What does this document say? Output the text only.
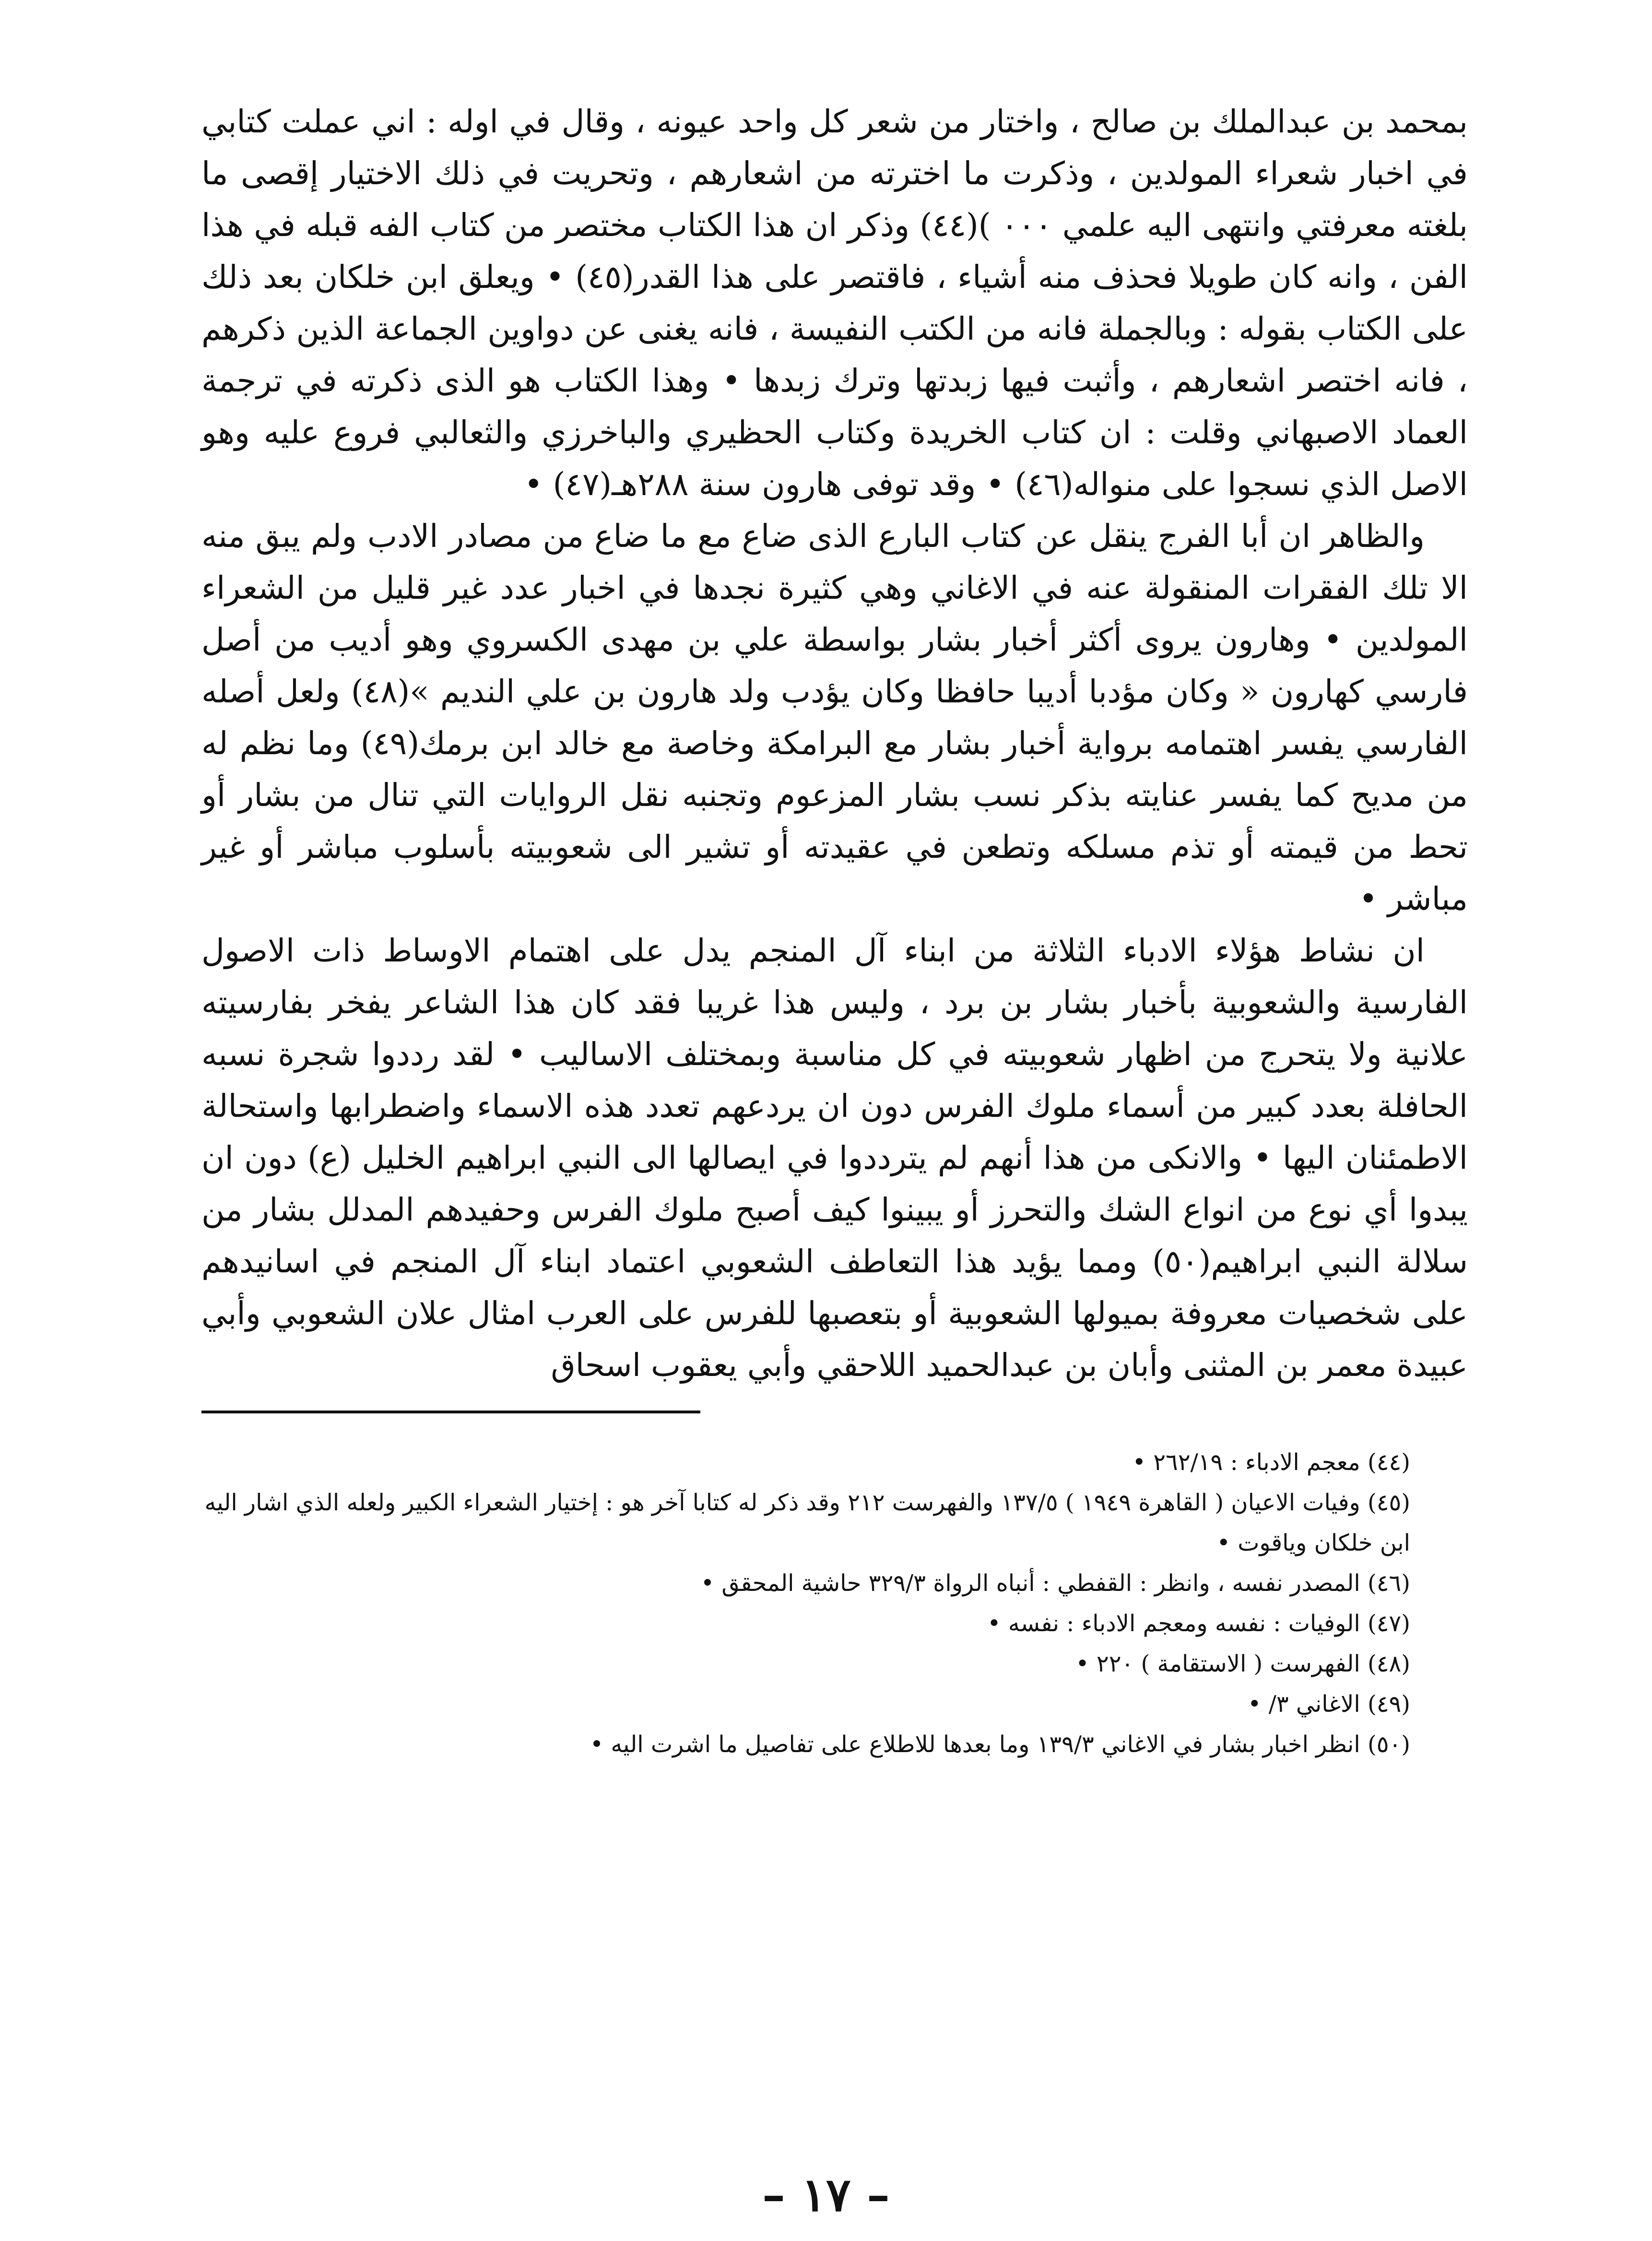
بمحمد بن عبدالملك بن صالح ، واختار من شعر كل واحد عيونه ، وقال في اوله : اني عملت كتابي في اخبار شعراء المولدين ، وذكرت ما اخترته من اشعارهم ، وتحريت في ذلك الاختيار إقصى ما بلغته معرفتي وانتهى اليه علمي ٠٠٠ )(٤٤) وذكر ان هذا الكتاب مختصر من كتاب الفه قبله في هذا الفن ، وانه كان طويلا فحذف منه أشياء ، فاقتصر على هذا القدر(٤٥) • ويعلق ابن خلكان بعد ذلك على الكتاب بقوله : وبالجملة فانه من الكتب النفيسة ، فانه يغنى عن دواوين الجماعة الذين ذكرهم ، فانه اختصر اشعارهم ، وأثبت فيها زبدتها وترك زبدها • وهذا الكتاب هو الذى ذكرته في ترجمة العماد الاصبهاني وقلت : ان كتاب الخريدة وكتاب الحظيري والباخرزي والثعالبي فروع عليه وهو الاصل الذي نسجوا على منواله(٤٦) • وقد توفى هارون سنة ٢٨٨هـ(٤٧) •

والظاهر ان أبا الفرج ينقل عن كتاب البارع الذى ضاع مع ما ضاع من مصادر الادب ولم يبق منه الا تلك الفقرات المنقولة عنه في الاغاني وهي كثيرة نجدها في اخبار عدد غير قليل من الشعراء المولدين • وهارون يروى أكثر أخبار بشار بواسطة علي بن مهدى الكسروي وهو أديب من أصل فارسي كهارون « وكان مؤدبا أديبا حافظا وكان يؤدب ولد هارون بن علي النديم »(٤٨) ولعل أصله الفارسي يفسر اهتمامه برواية أخبار بشار مع البرامكة وخاصة مع خالد ابن برمك(٤٩) وما نظم له من مديح كما يفسر عنايته بذكر نسب بشار المزعوم وتجنبه نقل الروايات التي تنال من بشار أو تحط من قيمته أو تذم مسلكه وتطعن في عقيدته أو تشير الى شعوبيته بأسلوب مباشر أو غير مباشر •

ان نشاط هؤلاء الادباء الثلاثة من ابناء آل المنجم يدل على اهتمام الاوساط ذات الاصول الفارسية والشعوبية بأخبار بشار بن برد ، وليس هذا غريبا فقد كان هذا الشاعر يفخر بفارسيته علانية ولا يتحرج من اظهار شعوبيته في كل مناسبة وبمختلف الاساليب • لقد رددوا شجرة نسبه الحافلة بعدد كبير من أسماء ملوك الفرس دون ان يردعهم تعدد هذه الاسماء واضطرابها واستحالة الاطمئنان اليها • والانكى من هذا أنهم لم يترددوا في ايصالها الى النبي ابراهيم الخليل (ع) دون ان يبدوا أي نوع من انواع الشك والتحرز أو يبينوا كيف أصبح ملوك الفرس وحفيدهم المدلل بشار من سلالة النبي ابراهيم(٥٠) ومما يؤيد هذا التعاطف الشعوبي اعتماد ابناء آل المنجم في اسانيدهم على شخصيات معروفة بميولها الشعوبية أو بتعصبها للفرس على العرب امثال علان الشعوبي وأبي عبيدة معمر بن المثنى وأبان بن عبدالحميد اللاحقي وأبي يعقوب اسحاق

(٤٤) معجم الادباء : ٢٦٢/١٩ •

(٤٥) وفيات الاعيان ( القاهرة ١٩٤٩ ) ١٣٧/٥ والفهرست ٢١٢ وقد ذكر له كتابا آخر هو : إختيار الشعراء الكبير ولعله الذي اشار اليه ابن خلكان وياقوت •

(٤٦) المصدر نفسه ، وانظر : القفطي : أنباه الرواة ٣٢٩/٣ حاشية المحقق •

(٤٧) الوفيات : نفسه ومعجم الادباء : نفسه •

(٤٨) الفهرست ( الاستقامة ) ٢٢٠ •

(٤٩) الاغاني ٣/ •

(٥٠) انظر اخبار بشار في الاغاني ١٣٩/٣ وما بعدها للاطلاع على تفاصيل ما اشرت اليه •

– ١٧ –
